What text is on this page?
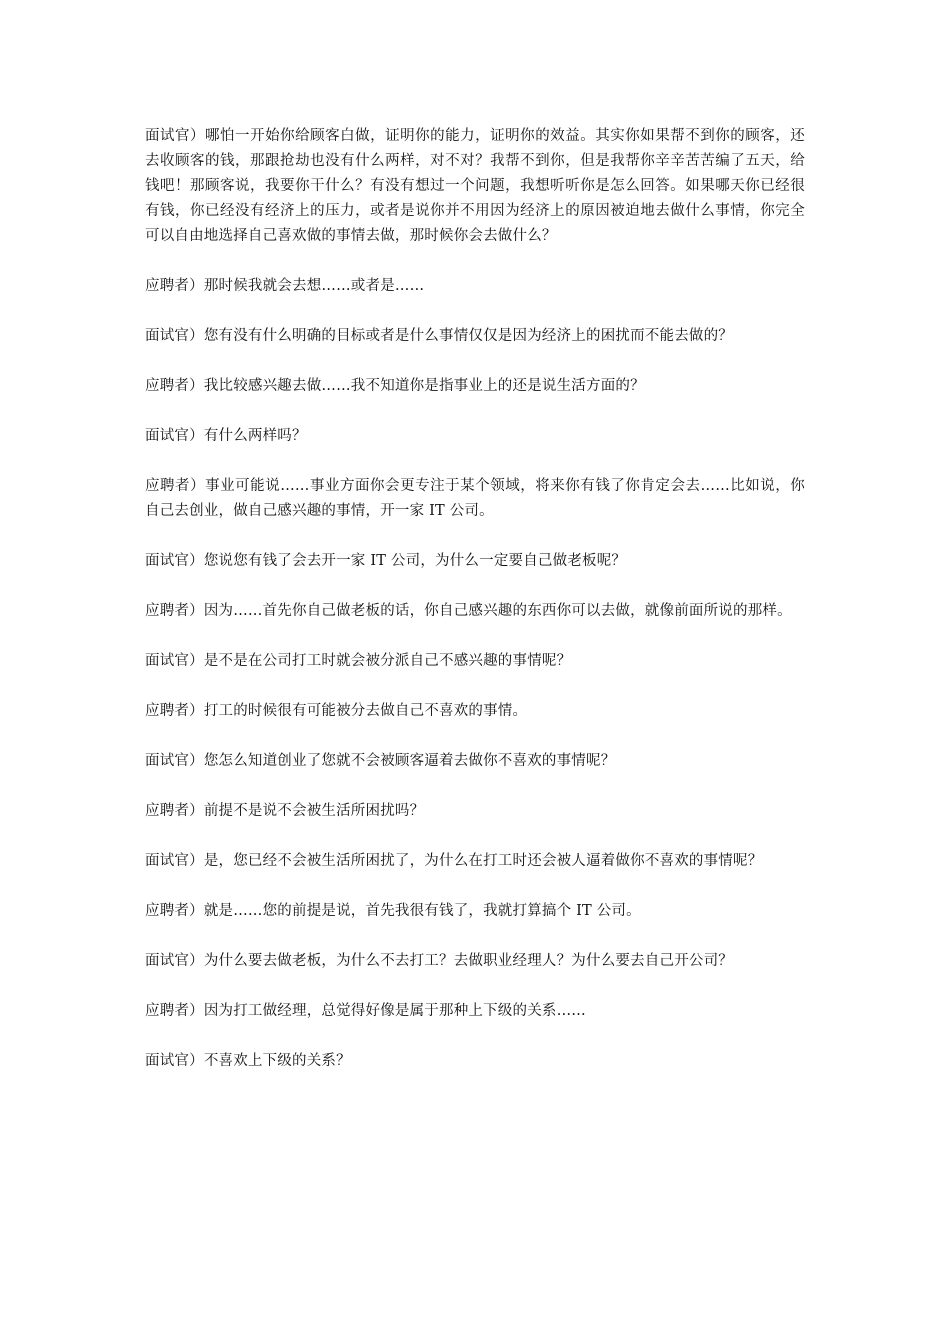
面试官）哪怕一开始你给顾客白做，证明你的能力，证明你的效益。其实你如果帮不到你的顾客，还去收顾客的钱，那跟抢劫也没有什么两样，对不对？我帮不到你，但是我帮你辛辛苦苦编了五天，给钱吧！那顾客说，我要你干什么？有没有想过一个问题，我想听听你是怎么回答。如果哪天你已经很有钱，你已经没有经济上的压力，或者是说你并不用因为经济上的原因被迫地去做什么事情，你完全可以自由地选择自己喜欢做的事情去做，那时候你会去做什么？

应聘者）那时候我就会去想……或者是……

面试官）您有没有什么明确的目标或者是什么事情仅仅是因为经济上的困扰而不能去做的？

应聘者）我比较感兴趣去做……我不知道你是指事业上的还是说生活方面的？

面试官）有什么两样吗？

应聘者）事业可能说……事业方面你会更专注于某个领域，将来你有钱了你肯定会去……比如说，你自己去创业，做自己感兴趣的事情，开一家 IT 公司。

面试官）您说您有钱了会去开一家 IT 公司，为什么一定要自己做老板呢？

应聘者）因为……首先你自己做老板的话，你自己感兴趣的东西你可以去做，就像前面所说的那样。

面试官）是不是在公司打工时就会被分派自己不感兴趣的事情呢？

应聘者）打工的时候很有可能被分去做自己不喜欢的事情。

面试官）您怎么知道创业了您就不会被顾客逼着去做你不喜欢的事情呢？

应聘者）前提不是说不会被生活所困扰吗？

面试官）是，您已经不会被生活所困扰了，为什么在打工时还会被人逼着做你不喜欢的事情呢？

应聘者）就是……您的前提是说，首先我很有钱了，我就打算搞个 IT 公司。

面试官）为什么要去做老板，为什么不去打工？去做职业经理人？为什么要去自己开公司？

应聘者）因为打工做经理，总觉得好像是属于那种上下级的关系……

面试官）不喜欢上下级的关系？
